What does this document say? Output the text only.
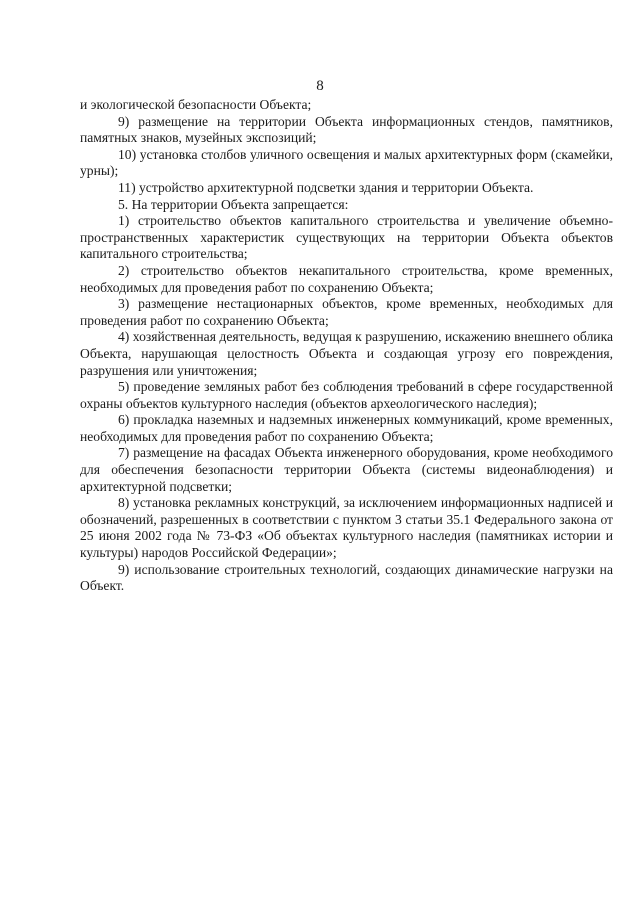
8

и экологической безопасности Объекта;

9) размещение на территории Объекта информационных стендов, памятников, памятных знаков, музейных экспозиций;

10) установка столбов уличного освещения и малых архитектурных форм (скамейки, урны);

11) устройство архитектурной подсветки здания и территории Объекта.

5. На территории Объекта запрещается:

1) строительство объектов капитального строительства и увеличение объемно-пространственных характеристик существующих на территории Объекта объектов капитального строительства;

2) строительство объектов некапитального строительства, кроме временных, необходимых для проведения работ по сохранению Объекта;

3) размещение нестационарных объектов, кроме временных, необходимых для проведения работ по сохранению Объекта;

4) хозяйственная деятельность, ведущая к разрушению, искажению внешнего облика Объекта, нарушающая целостность Объекта и создающая угрозу его повреждения, разрушения или уничтожения;

5) проведение земляных работ без соблюдения требований в сфере государственной охраны объектов культурного наследия (объектов археологического наследия);

6) прокладка наземных и надземных инженерных коммуникаций, кроме временных, необходимых для проведения работ по сохранению Объекта;

7) размещение на фасадах Объекта инженерного оборудования, кроме необходимого для обеспечения безопасности территории Объекта (системы видеонаблюдения) и архитектурной подсветки;

8) установка рекламных конструкций, за исключением информационных надписей и обозначений, разрешенных в соответствии с пунктом 3 статьи 35.1 Федерального закона от 25 июня 2002 года № 73-ФЗ «Об объектах культурного наследия (памятниках истории и культуры) народов Российской Федерации»;

9) использование строительных технологий, создающих динамические нагрузки на Объект.
